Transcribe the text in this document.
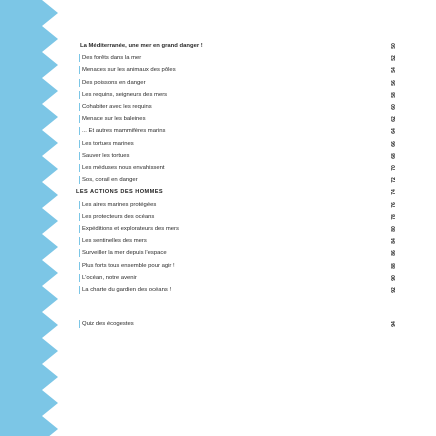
La Méditerranée, une mer en grand danger !	50
Des forêts dans la mer	52
Menaces sur les animaux des pôles	54
Des poissons en danger	56
Les requins, seigneurs des mers	58
Cohabiter avec les requins	60
Menace sur les baleines	62
... Et autres mammifères marins	64
Les tortues marines	66
Sauver les tortues	68
Les méduses nous envahissent	70
Sos, corail en danger	72
LES ACTIONS DES HOMMES	74
Les aires marines protégées	76
Les protecteurs des océans	78
Expéditions et explorateurs des mers	80
Les sentinelles des mers	84
Surveiller la mer depuis l'espace	86
Plus forts tous ensemble pour agir !	88
L'océan, notre avenir	90
La charte du gardien des océans !	92
Quiz des écogestes	94
